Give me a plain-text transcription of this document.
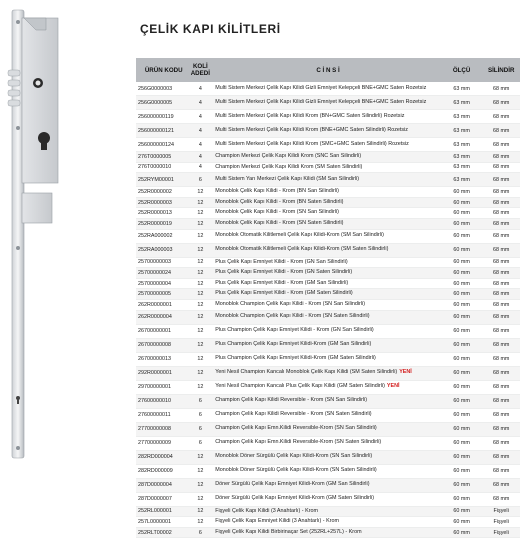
ÇELİK KAPI KİLİTLERİ
ÜRÜN KODU	KOLİ ADEDİ	C İ N S İ	ÖLÇÜ	SİLİNDİR
256G0000003	4	Multi Sistem Merkezi Çelik Kapı Kilidi Gizli Emniyet Kelepçeli BNE+GMC Saten Rozetsiz	63 mm	68 mm
256G0000005	4	Multi Sistem Merkezi Çelik Kapı Kilidi Gizli Emniyet Kelepçeli BNE+GMC Saten Rozetsiz	63 mm	68 mm
256000000119	4	Multi Sistem Merkezi Çelik Kapı Kilidi Krom (BN+GMC Saten Silindirli) Rozetsiz	63 mm	68 mm
256000000121	4	Multi Sistem Merkezi Çelik Kapı Kilidi Krom (BNE+GMC Saten Silindirli) Rozetsiz	63 mm	68 mm
256000000124	4	Multi Sistem Merkezi Çelik Kapı Kilidi Krom (SMC+GMC Saten Silindirli) Rozetsiz	63 mm	68 mm
276T0000005	4	Champion Merkezi Çelik Kapı Kilidi Krom (SNC San Silindirli)	63 mm	68 mm
276T0000010	4	Champion Merkezi Çelik Kapı Kilidi Krom (SM Saten Silindirli)	63 mm	68 mm
252RYM00001	6	Multi Sistem Yarı Merkezi Çelik Kapı Kilidi (SM San Silindirli)	63 mm	68 mm
252R0000002	12	Monoblok Çelik Kapı Kilidi - Krom (BN San Silindirli)	60 mm	68 mm
252R0000003	12	Monoblok Çelik Kapı Kilidi - Krom (BN Saten Silindirli)	60 mm	68 mm
252R0000013	12	Monoblok Çelik Kapı Kilidi - Krom (SN San Silindirli)	60 mm	68 mm
252R0000019	12	Monoblok Çelik Kapı Kilidi - Krom (SN Saten Silindirli)	60 mm	68 mm
252RA000002	12	Monoblok Otomatik Kilitlemeli Çelik Kapı Kilidi-Krom (SM San Silindirli)	60 mm	68 mm
252RA000003	12	Monoblok Otomatik Kilitlemeli Çelik Kapı Kilidi-Krom (SM Saten Silindirli)	60 mm	68 mm
25700000003	12	Plus Çelik Kapı Emniyet Kilidi - Krom (GN San Silindirli)	60 mm	68 mm
25700000024	12	Plus Çelik Kapı Emniyet Kilidi - Krom (GN Saten Silindirli)	60 mm	68 mm
25700000004	12	Plus Çelik Kapı Emniyet Kilidi - Krom (GM San Silindirli)	60 mm	68 mm
25700000005	12	Plus Çelik Kapı Emniyet Kilidi - Krom (GM Saten Silindirli)	60 mm	68 mm
262R0000001	12	Monoblok Champion Çelik Kapı Kilidi - Krom (SN San Silindirli)	60 mm	68 mm
262R0000004	12	Monoblok Champion Çelik Kapı Kilidi - Krom (SN Saten Silindirli)	60 mm	68 mm
26700000001	12	Plus Champion Çelik Kapı Emniyet Kilidi - Krom (GN San Silindirli)	60 mm	68 mm
26700000008	12	Plus Champion Çelik Kapı Emniyet Kilidi-Krom (GM San Silindirli)	60 mm	68 mm
26700000013	12	Plus Champion Çelik Kapı Emniyet Kilidi-Krom (GM Saten Silindirli)	60 mm	68 mm
292R0000001	12	Yeni Nesil Champion Kancalı Monoblok Çelik Kapı Kilidi (SM Saten Silindirli) YENİ	60 mm	68 mm
29700000001	12	Yeni Nesil Champion Kancalı Plus Çelik Kapı Kilidi (GM Saten Silindirli) YENİ	60 mm	68 mm
27600000010	6	Champion Çelik Kapı Kilidi Reversible - Krom (SN San Silindirli)	60 mm	68 mm
27600000011	6	Champion Çelik Kapı Kilidi Reversible - Krom (SN Saten Silindirli)	60 mm	68 mm
27700000008	6	Champion Çelik Kapı Emn.Kilidi Reversible-Krom (SN San Silindirli)	60 mm	68 mm
27700000009	6	Champion Çelik Kapı Emn.Kilidi Reversible-Krom (SN Saten Silindirli)	60 mm	68 mm
282RD000004	12	Monoblok Döner Sürgülü Çelik Kapı Kilidi-Krom (SN San Silindirli)	60 mm	68 mm
282RD000009	12	Monoblok Döner Sürgülü Çelik Kapı Kilidi-Krom (SN Saten Silindirli)	60 mm	68 mm
287D0000004	12	Döner Sürgülü Çelik Kapı Emniyet Kilidi-Krom (GM San Silindirli)	60 mm	68 mm
287D0000007	12	Döner Sürgülü Çelik Kapı Emniyet Kilidi-Krom (GM Saten Silindirli)	60 mm	68 mm
252RL000001	12	Fişyeli Çelik Kapı Kilidi (3 Anahtarlı) - Krom	60 mm	Fişyeli
257L0000001	12	Fişyeli Çelik Kapı Emniyet Kilidi (3 Anahtarlı) - Krom	60 mm	Fişyeli
252RLT00002	6	Fişyeli Çelik Kapı Kilidi Birbirinaçar Set (252RL+257L) - Krom	60 mm	Fişyeli
